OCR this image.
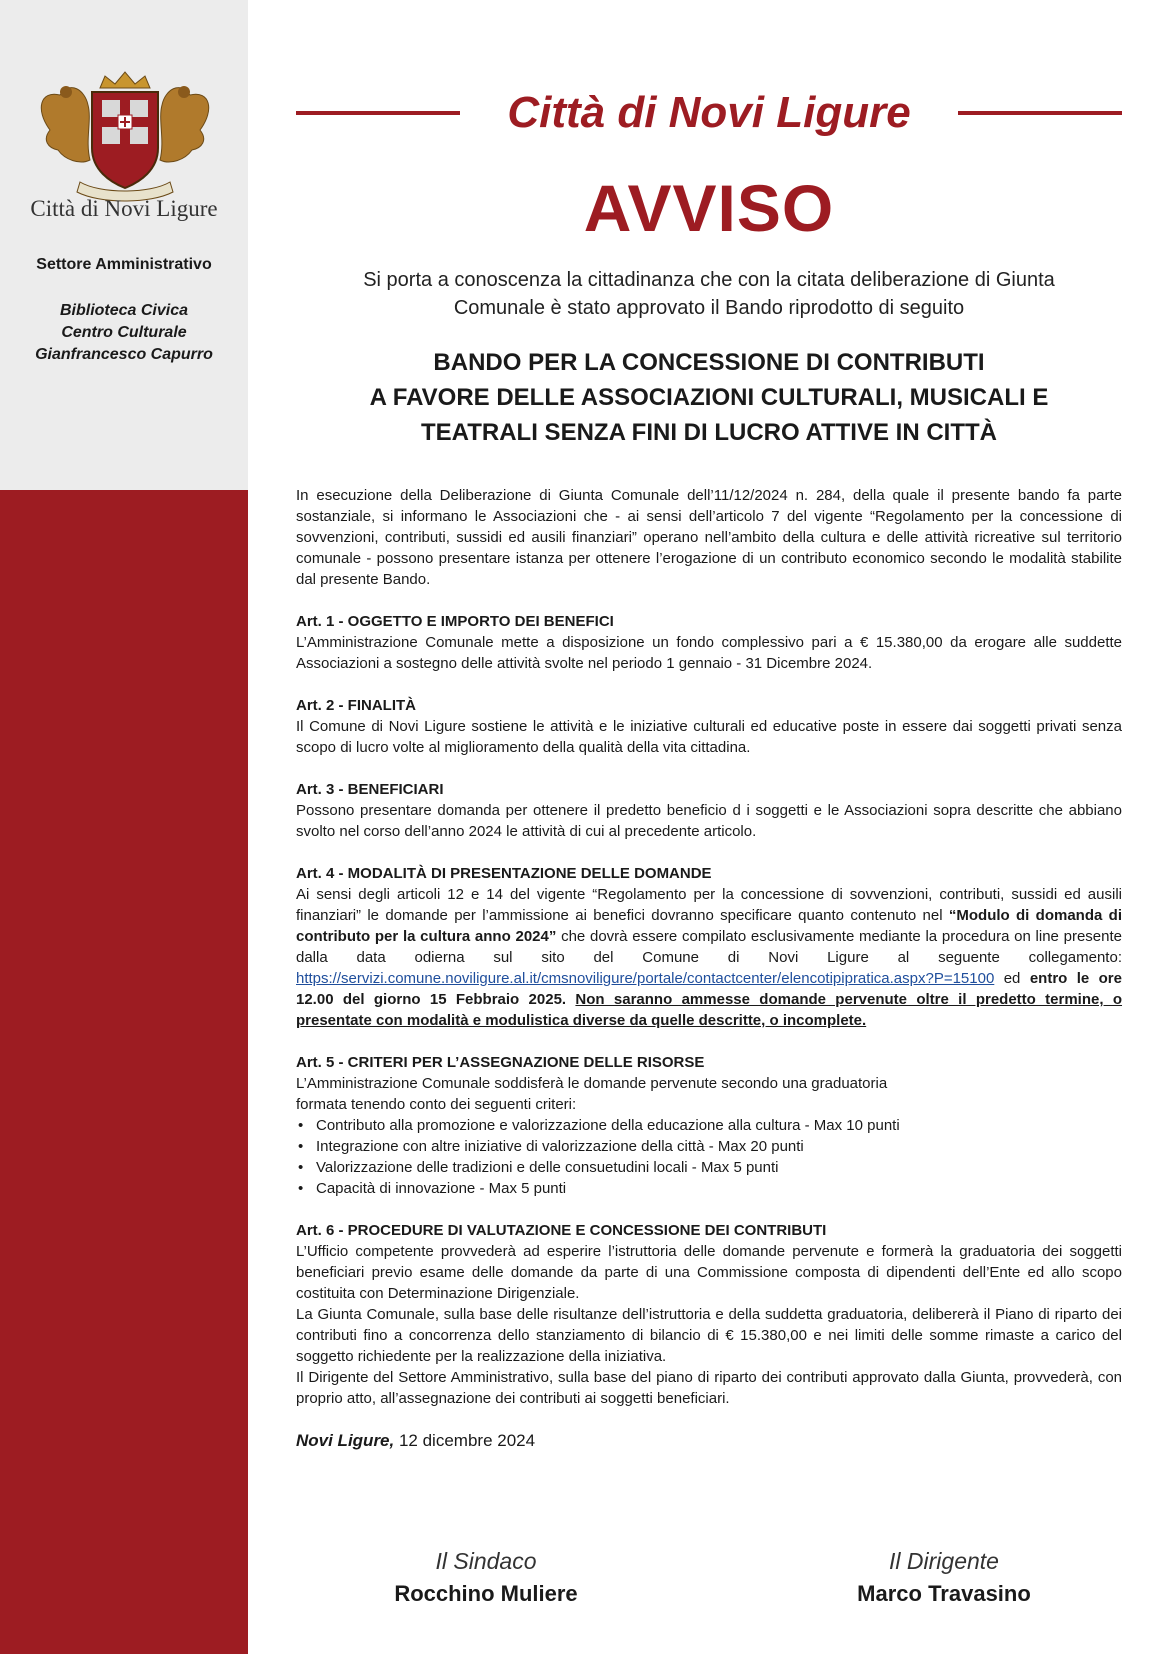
Città di Novi Ligure
Settore Amministrativo
Biblioteca Civica
Centro Culturale
Gianfrancesco Capurro
Città di Novi Ligure
AVVISO
Si porta a conoscenza la cittadinanza che con la citata deliberazione di Giunta
Comunale è stato approvato il Bando riprodotto di seguito
BANDO PER LA CONCESSIONE DI CONTRIBUTI
A FAVORE DELLE ASSOCIAZIONI CULTURALI, MUSICALI E
TEATRALI SENZA FINI DI LUCRO ATTIVE IN CITTÀ

In esecuzione della Deliberazione di Giunta Comunale dell’11/12/2024 n. 284, della quale il presente bando fa parte sostanziale, si informano le Associazioni che - ai sensi dell’articolo 7 del vigente “Regolamento per la concessione di sovvenzioni, contributi, sussidi ed ausili finanziari” operano nell’ambito della cultura e delle attività ricreative sul territorio comunale - possono presentare istanza per ottenere l’erogazione di un contributo economico secondo le modalità stabilite dal presente Bando.

Art. 1 - OGGETTO E IMPORTO DEI BENEFICI

L’Amministrazione Comunale mette a disposizione un fondo complessivo pari a € 15.380,00 da erogare alle suddette Associazioni a sostegno delle attività svolte nel periodo 1 gennaio - 31 Dicembre 2024.

Art. 2 - FINALITÀ

Il Comune di Novi Ligure sostiene le attività e le iniziative culturali ed educative poste in essere dai soggetti privati senza scopo di lucro volte al miglioramento della qualità della vita cittadina.

Art. 3 - BENEFICIARI

Possono presentare domanda per ottenere il predetto beneficio d i soggetti e le Associazioni sopra descritte che abbiano svolto nel corso dell’anno 2024 le attività di cui al precedente articolo.

Art. 4 - MODALITÀ DI PRESENTAZIONE DELLE DOMANDE

Ai sensi degli articoli 12 e 14 del vigente “Regolamento per la concessione di sovvenzioni, contributi, sussidi ed ausili finanziari” le domande per l’ammissione ai benefici dovranno specificare quanto contenuto nel “Modulo di domanda di contributo per la cultura anno 2024” che dovrà essere compilato esclusivamente mediante la procedura on line presente dalla data odierna sul sito del Comune di Novi Ligure al seguente collegamento: https://servizi.comune.noviligure.al.it/cmsnoviligure/portale/contactcenter/elencotipipratica.aspx?P=15100 ed entro le ore 12.00 del giorno 15 Febbraio 2025. Non saranno ammesse domande pervenute oltre il predetto termine, o presentate con modalità e modulistica diverse da quelle descritte, o incomplete.

Art. 5 - CRITERI PER L’ASSEGNAZIONE DELLE RISORSE

L’Amministrazione Comunale soddisferà le domande pervenute secondo una graduatoria

formata tenendo conto dei seguenti criteri:

• Contributo alla promozione e valorizzazione della educazione alla cultura - Max 10 punti
• Integrazione con altre iniziative di valorizzazione della città - Max 20 punti
• Valorizzazione delle tradizioni e delle consuetudini locali - Max 5 punti
• Capacità di innovazione - Max 5 punti
Art. 6 - PROCEDURE DI VALUTAZIONE E CONCESSIONE DEI CONTRIBUTI

L’Ufficio competente provvederà ad esperire l’istruttoria delle domande pervenute e formerà la graduatoria dei soggetti beneficiari previo esame delle domande da parte di una Commissione composta di dipendenti dell’Ente ed allo scopo costituita con Determinazione Dirigenziale.

La Giunta Comunale, sulla base delle risultanze dell’istruttoria e della suddetta graduatoria, delibererà il Piano di riparto dei contributi fino a concorrenza dello stanziamento di bilancio di € 15.380,00 e nei limiti delle somme rimaste a carico del soggetto richiedente per la realizzazione della iniziativa.

Il Dirigente del Settore Amministrativo, sulla base del piano di riparto dei contributi approvato dalla Giunta, provvederà, con proprio atto, all’assegnazione dei contributi ai soggetti beneficiari.

Novi Ligure, 12 dicembre 2024
Il Sindaco
Rocchino Muliere
Il Dirigente
Marco Travasino
